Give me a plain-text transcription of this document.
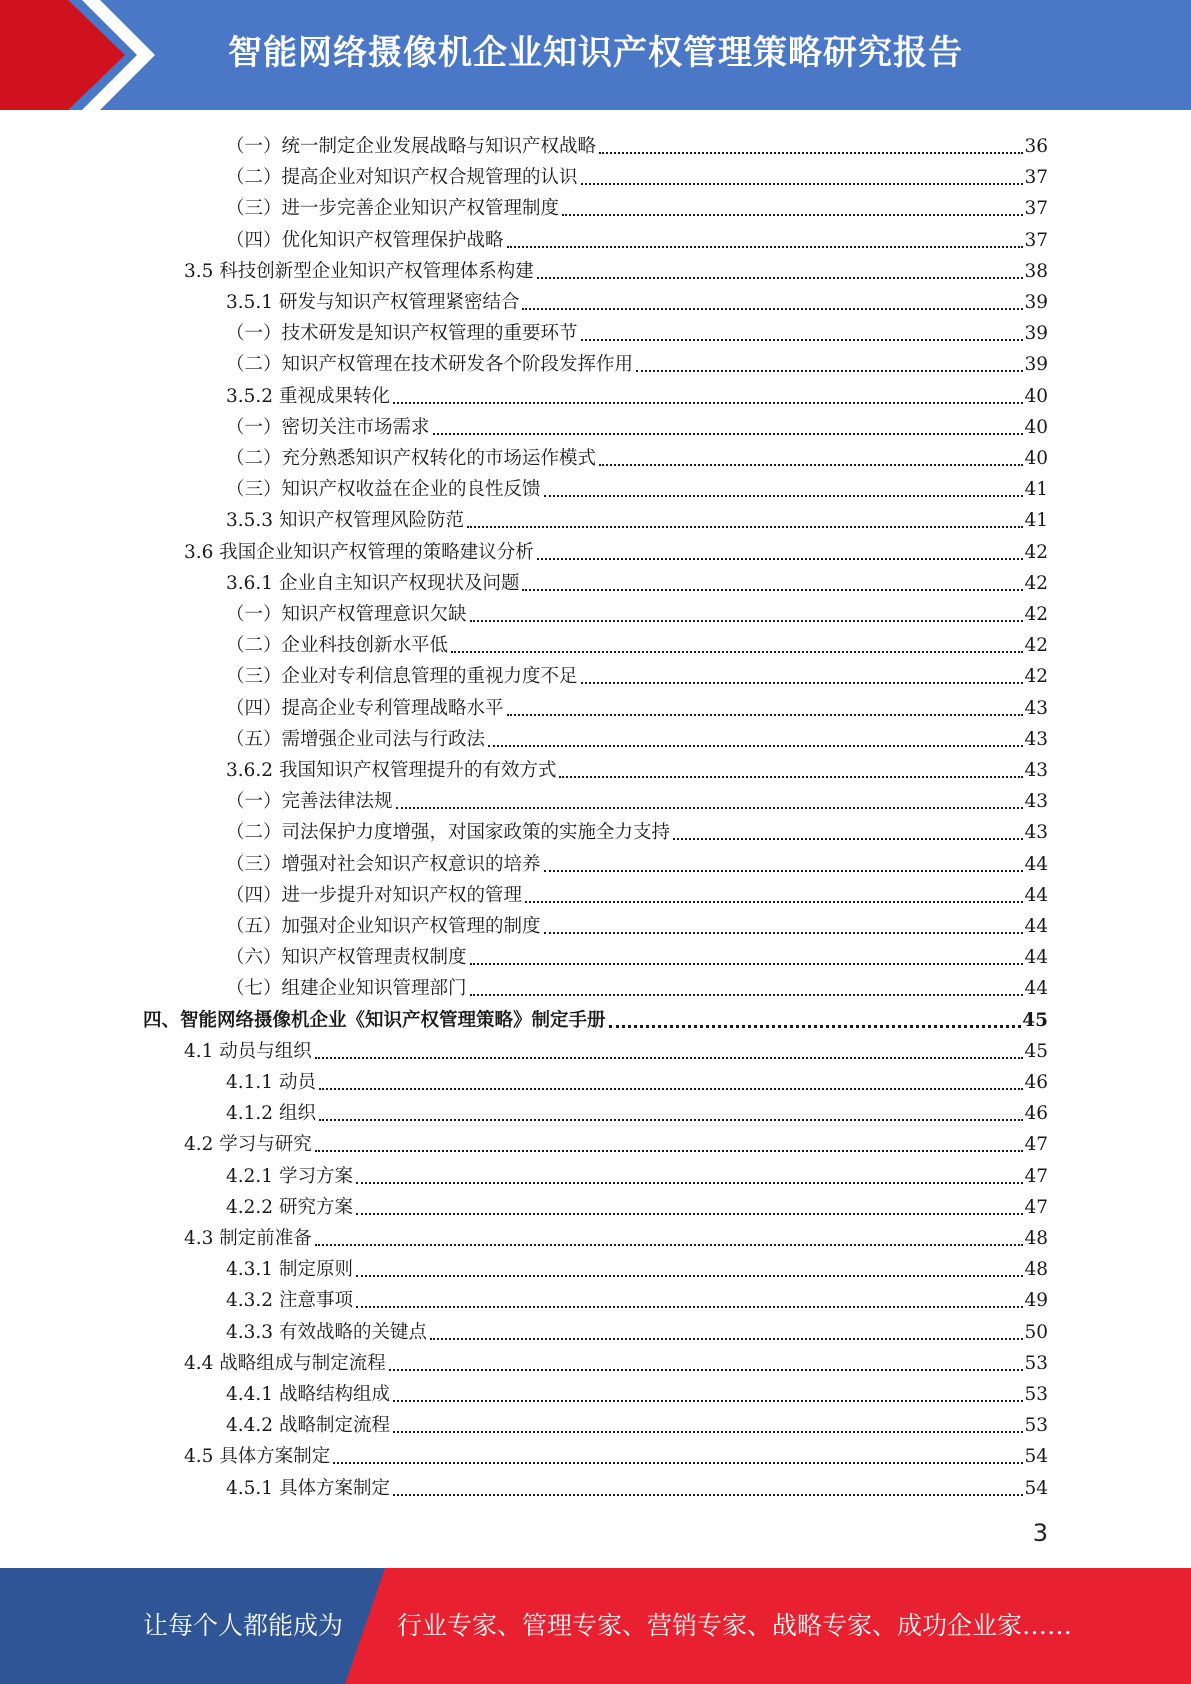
智能网络摄像机企业知识产权管理策略研究报告
（一）统一制定企业发展战略与知识产权战略	36
（二）提高企业对知识产权合规管理的认识	37
（三）进一步完善企业知识产权管理制度	37
（四）优化知识产权管理保护战略	37
3.5 科技创新型企业知识产权管理体系构建	38
3.5.1 研发与知识产权管理紧密结合	39
（一）技术研发是知识产权管理的重要环节	39
（二）知识产权管理在技术研发各个阶段发挥作用	39
3.5.2 重视成果转化	40
（一）密切关注市场需求	40
（二）充分熟悉知识产权转化的市场运作模式	40
（三）知识产权收益在企业的良性反馈	41
3.5.3 知识产权管理风险防范	41
3.6 我国企业知识产权管理的策略建议分析	42
3.6.1 企业自主知识产权现状及问题	42
（一）知识产权管理意识欠缺	42
（二）企业科技创新水平低	42
（三）企业对专利信息管理的重视力度不足	42
（四）提高企业专利管理战略水平	43
（五）需增强企业司法与行政法	43
3.6.2 我国知识产权管理提升的有效方式	43
（一）完善法律法规	43
（二）司法保护力度增强，对国家政策的实施全力支持	43
（三）增强对社会知识产权意识的培养	44
（四）进一步提升对知识产权的管理	44
（五）加强对企业知识产权管理的制度	44
（六）知识产权管理责权制度	44
（七）组建企业知识管理部门	44
四、智能网络摄像机企业《知识产权管理策略》制定手册	45
4.1 动员与组织	45
4.1.1 动员	46
4.1.2 组织	46
4.2 学习与研究	47
4.2.1 学习方案	47
4.2.2 研究方案	47
4.3 制定前准备	48
4.3.1 制定原则	48
4.3.2 注意事项	49
4.3.3 有效战略的关键点	50
4.4 战略组成与制定流程	53
4.4.1 战略结构组成	53
4.4.2 战略制定流程	53
4.5 具体方案制定	54
4.5.1 具体方案制定	54
3
让每个人都能成为 行业专家、管理专家、营销专家、战略专家、成功企业家……
